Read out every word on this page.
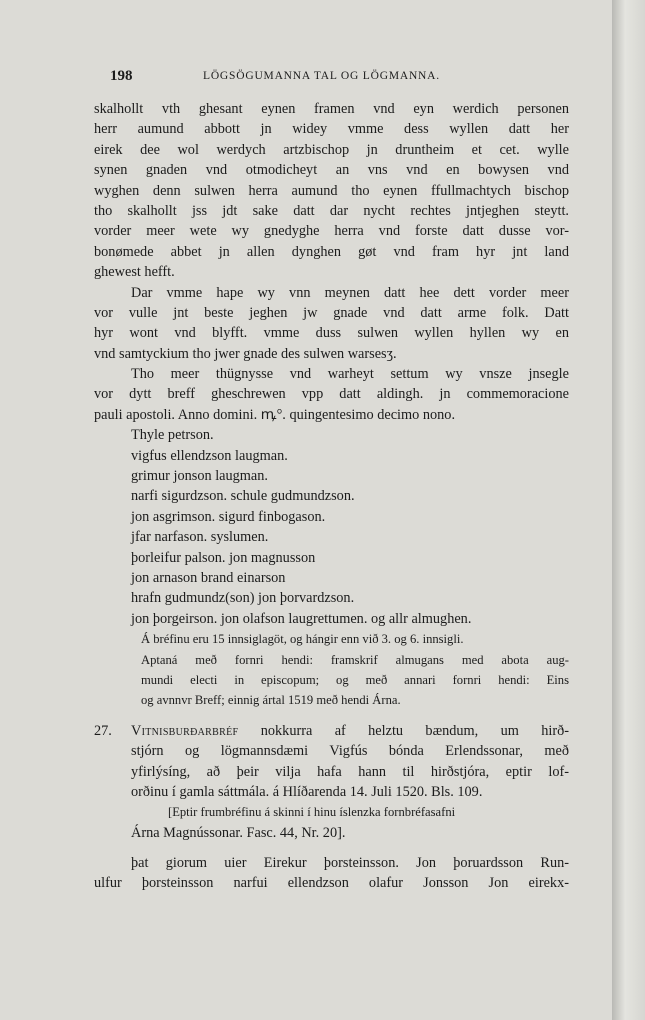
198	LÖGSÖGUMANNA TAL OG LÖGMANNA.
skalhollt vth ghesant eynen framen vnd eyn werdich personen
herr aumund abbott jn widey vmme dess wyllen datt her
eirek dee wol werdych artzbischop jn druntheim et cet. wylle
synen gnaden vnd otmodicheyt an vns vnd en bowysen vnd
wyghen denn sulwen herra aumund tho eynen ffullmachtych bischop
tho skalhollt jss jdt sake datt dar nycht rechtes jntjeghen steytt.
vorder meer wete wy gnedyghe herra vnd forste datt dusse vor-
bonømede abbet jn allen dynghen gøt vnd fram hyr jnt land
ghewest hefft.
Dar vmme hape wy vnn meynen datt hee dett vorder meer
vor vulle jnt beste jeghen jw gnade vnd datt arme folk. Datt
hyr wont vnd blyfft. vmme duss sulwen wyllen hyllen wy en
vnd samtyckium tho jwer gnade des sulwen warsesʒ.
Tho meer thügnysse vnd warheyt settum wy vnsze jnsegle
vor dytt breff gheschrewen vpp datt aldingh. jn commemoracione
pauli apostoli. Anno domini. ꝳ°. quingentesimo decimo nono.
Thyle petrson.
vigfus ellendzson laugman.
grimur jonson laugman.
narfi sigurdzson. schule gudmundzson.
jon asgrimson. sigurd finbogason.
jfar narfason. syslumen.
þorleifur palson. jon magnusson
jon arnason brand einarson
hrafn gudmundz(son) jon þorvardzson.
jon þorgeirson. jon olafson laugrettumen. og allr almughen.
Á bréfinu eru 15 innsiglagöt, og hángir enn við 3. og 6. innsigli.
Aptaná með fornri hendi: framskrif almugans med abota aug-
mundi electi in episcopum; og með annari fornri hendi: Eins
og avnnvr Breff; einnig ártal 1519 með hendi Árna.
27.	Vitnisburðarbréf nokkurra af helztu bændum, um hirð-
stjórn og lögmannsdæmi Vigfús bónda Erlendssonar, með
yfirlýsíng, að þeir vilja hafa hann til hirðstjóra, eptir lof-
orðinu í gamla sáttmála. á Hlíðarenda 14. Juli 1520. Bls. 109.
[Eptir frumbréfinu á skinni í hinu íslenzka fornbréfasafni
Árna Magnússonar. Fasc. 44, Nr. 20].
þat giorum uier Eirekur þorsteinsson. Jon þoruardsson Run-
ulfur þorsteinsson narfui ellendzson olafur Jonsson Jon eirekx-
